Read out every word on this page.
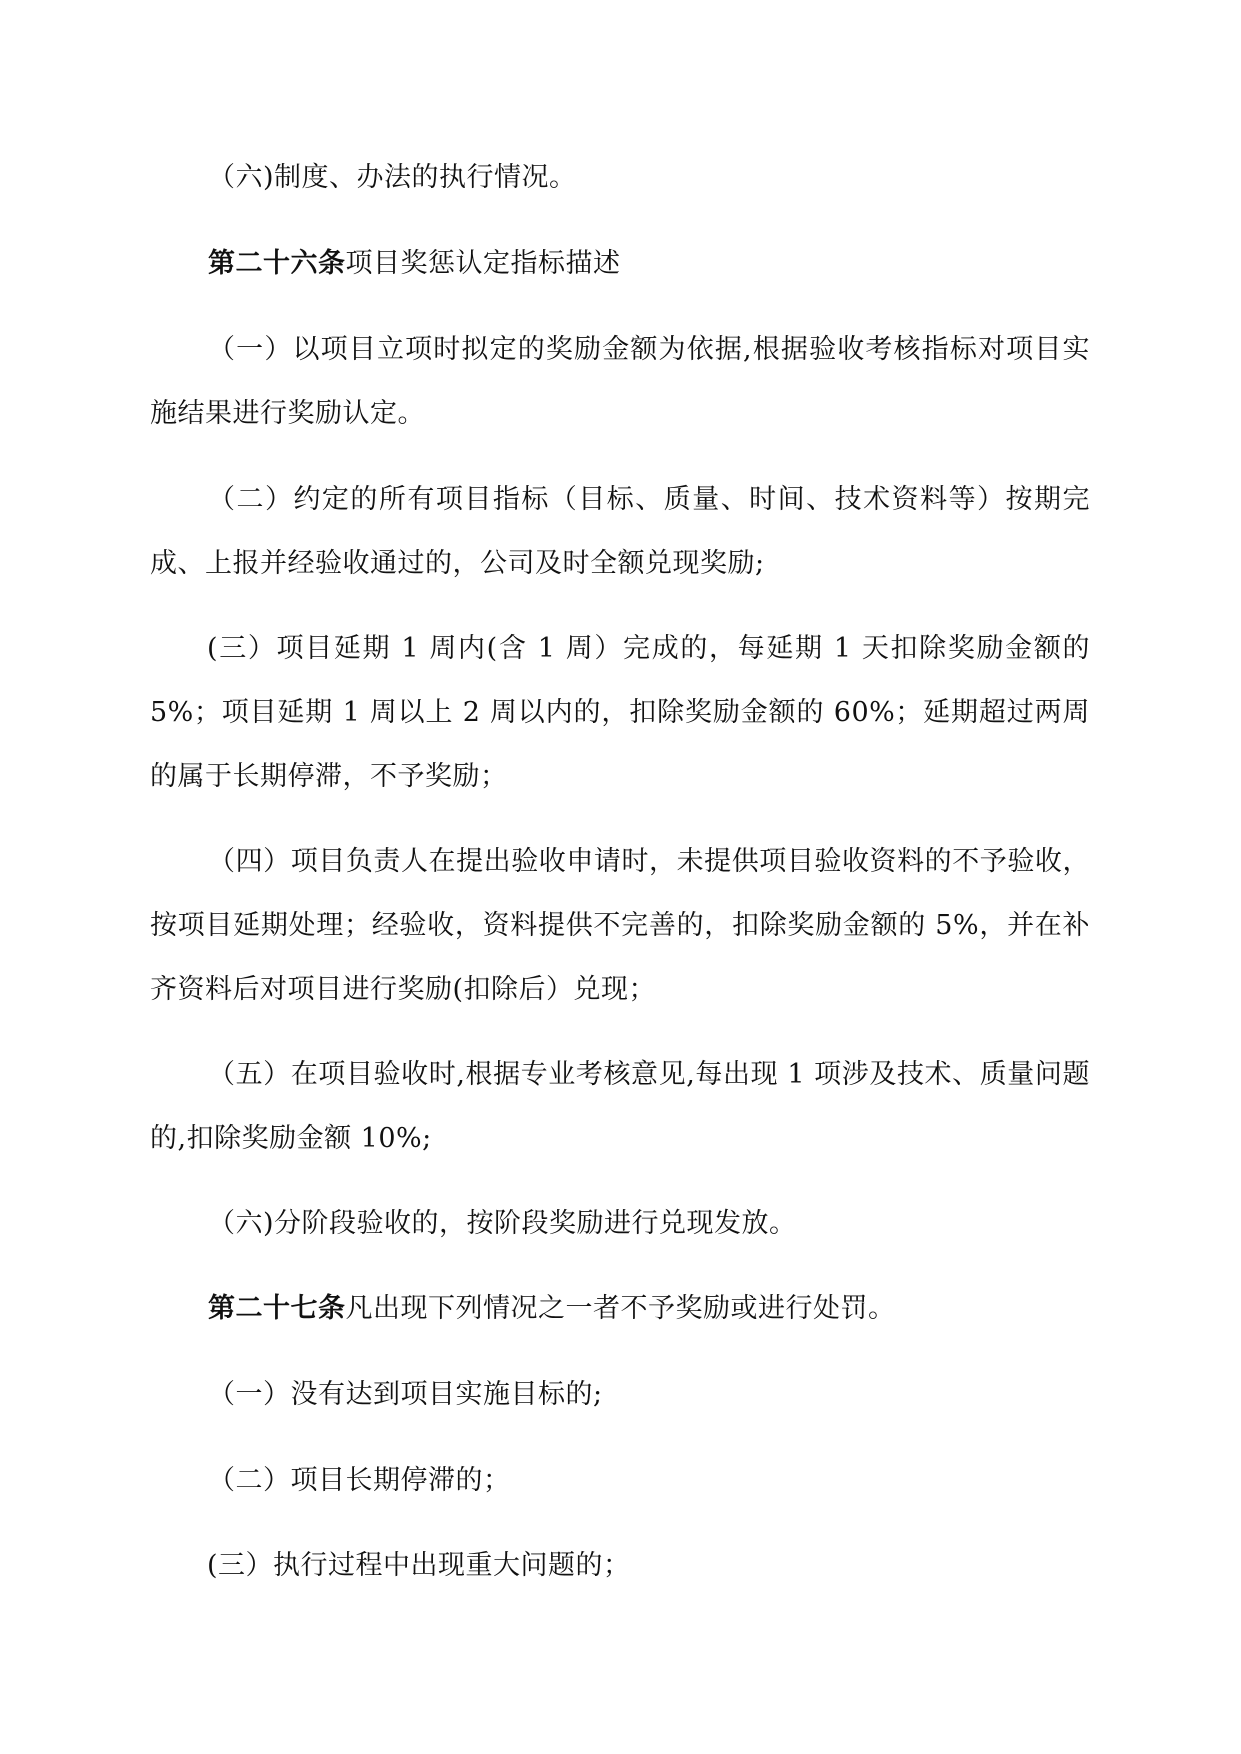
（六)制度、办法的执行情况。

第二十六条项目奖惩认定指标描述

（一）以项目立项时拟定的奖励金额为依据,根据验收考核指标对项目实施结果进行奖励认定。

（二）约定的所有项目指标（目标、质量、时间、技术资料等）按期完成、上报并经验收通过的，公司及时全额兑现奖励;

(三）项目延期 1 周内(含 1 周）完成的，每延期 1 天扣除奖励金额的 5%；项目延期 1 周以上 2 周以内的，扣除奖励金额的 60%；延期超过两周的属于长期停滞，不予奖励；

（四）项目负责人在提出验收申请时，未提供项目验收资料的不予验收，按项目延期处理；经验收，资料提供不完善的，扣除奖励金额的 5%，并在补齐资料后对项目进行奖励(扣除后）兑现；

（五）在项目验收时,根据专业考核意见,每出现 1 项涉及技术、质量问题的,扣除奖励金额 10%;

（六)分阶段验收的，按阶段奖励进行兑现发放。

第二十七条凡出现下列情况之一者不予奖励或进行处罚。

（一）没有达到项目实施目标的;

（二）项目长期停滞的；

(三）执行过程中出现重大问题的；
